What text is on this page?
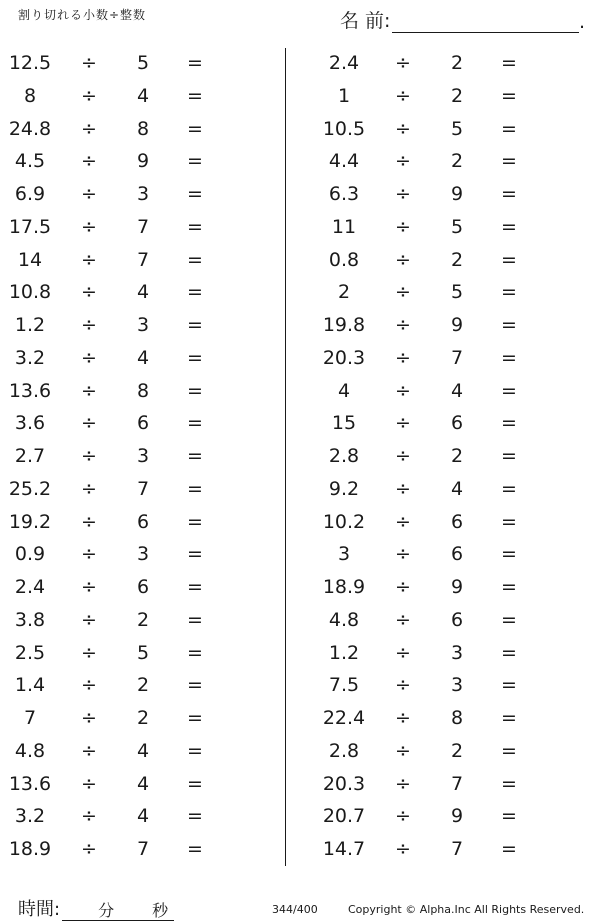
割り切れる小数÷整数	名 前:	.
12.5	÷	5	=
8	÷	4	=
24.8	÷	8	=
4.5	÷	9	=
6.9	÷	3	=
17.5	÷	7	=
14	÷	7	=
10.8	÷	4	=
1.2	÷	3	=
3.2	÷	4	=
13.6	÷	8	=
3.6	÷	6	=
2.7	÷	3	=
25.2	÷	7	=
19.2	÷	6	=
0.9	÷	3	=
2.4	÷	6	=
3.8	÷	2	=
2.5	÷	5	=
1.4	÷	2	=
7	÷	2	=
4.8	÷	4	=
13.6	÷	4	=
3.2	÷	4	=
18.9	÷	7	=
2.4	÷	2	=
1	÷	2	=
10.5	÷	5	=
4.4	÷	2	=
6.3	÷	9	=
11	÷	5	=
0.8	÷	2	=
2	÷	5	=
19.8	÷	9	=
20.3	÷	7	=
4	÷	4	=
15	÷	6	=
2.8	÷	2	=
9.2	÷	4	=
10.2	÷	6	=
3	÷	6	=
18.9	÷	9	=
4.8	÷	6	=
1.2	÷	3	=
7.5	÷	3	=
22.4	÷	8	=
2.8	÷	2	=
20.3	÷	7	=
20.7	÷	9	=
14.7	÷	7	=
時間: 分 秒	344/400	Copyright © Alpha.Inc All Rights Reserved.
